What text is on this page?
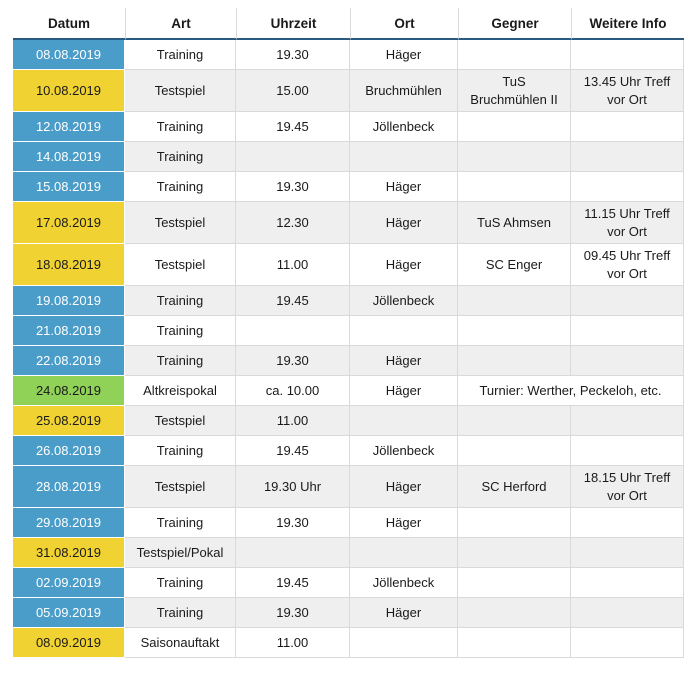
Datum	Art	Uhrzeit	Ort	Gegner	Weitere Info
08.08.2019	Training	19.30	Häger		
10.08.2019	Testspiel	15.00	Bruchmühlen	TuS Bruchmühlen II	13.45 Uhr Treff vor Ort
12.08.2019	Training	19.45	Jöllenbeck		
14.08.2019	Training				
15.08.2019	Training	19.30	Häger		
17.08.2019	Testspiel	12.30	Häger	TuS Ahmsen	11.15 Uhr Treff vor Ort
18.08.2019	Testspiel	11.00	Häger	SC Enger	09.45 Uhr Treff vor Ort
19.08.2019	Training	19.45	Jöllenbeck		
21.08.2019	Training				
22.08.2019	Training	19.30	Häger		
24.08.2019	Altkreispokal	ca. 10.00	Häger	Turnier: Werther, Peckeloh, etc.	
25.08.2019	Testspiel	11.00			
26.08.2019	Training	19.45	Jöllenbeck		
28.08.2019	Testspiel	19.30 Uhr	Häger	SC Herford	18.15 Uhr Treff vor Ort
29.08.2019	Training	19.30	Häger		
31.08.2019	Testspiel/Pokal				
02.09.2019	Training	19.45	Jöllenbeck		
05.09.2019	Training	19.30	Häger		
08.09.2019	Saisonauftakt	11.00			
